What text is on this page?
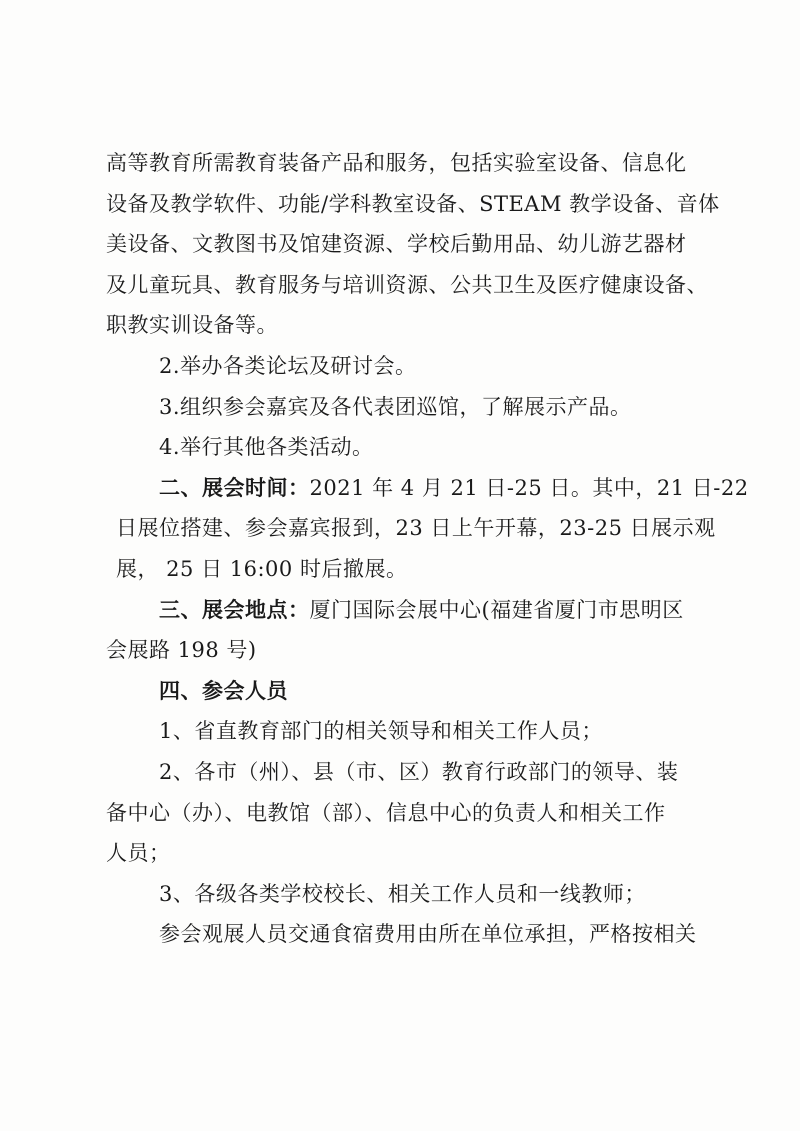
高等教育所需教育装备产品和服务，包括实验室设备、信息化
设备及教学软件、功能/学科教室设备、STEAM 教学设备、音体
美设备、文教图书及馆建资源、学校后勤用品、幼儿游艺器材
及儿童玩具、教育服务与培训资源、公共卫生及医疗健康设备、
职教实训设备等。
2.举办各类论坛及研讨会。
3.组织参会嘉宾及各代表团巡馆，了解展示产品。
4.举行其他各类活动。
二、展会时间：2021 年 4 月 21 日-25 日。其中，21 日-22
日展位搭建、参会嘉宾报到，23 日上午开幕，23-25 日展示观
展， 25 日 16:00 时后撤展。
三、展会地点：厦门国际会展中心(福建省厦门市思明区
会展路 198 号)
四、参会人员
1、省直教育部门的相关领导和相关工作人员；
2、各市（州）、县（市、区）教育行政部门的领导、装
备中心（办）、电教馆（部）、信息中心的负责人和相关工作
人员；
3、各级各类学校校长、相关工作人员和一线教师；
参会观展人员交通食宿费用由所在单位承担，严格按相关
